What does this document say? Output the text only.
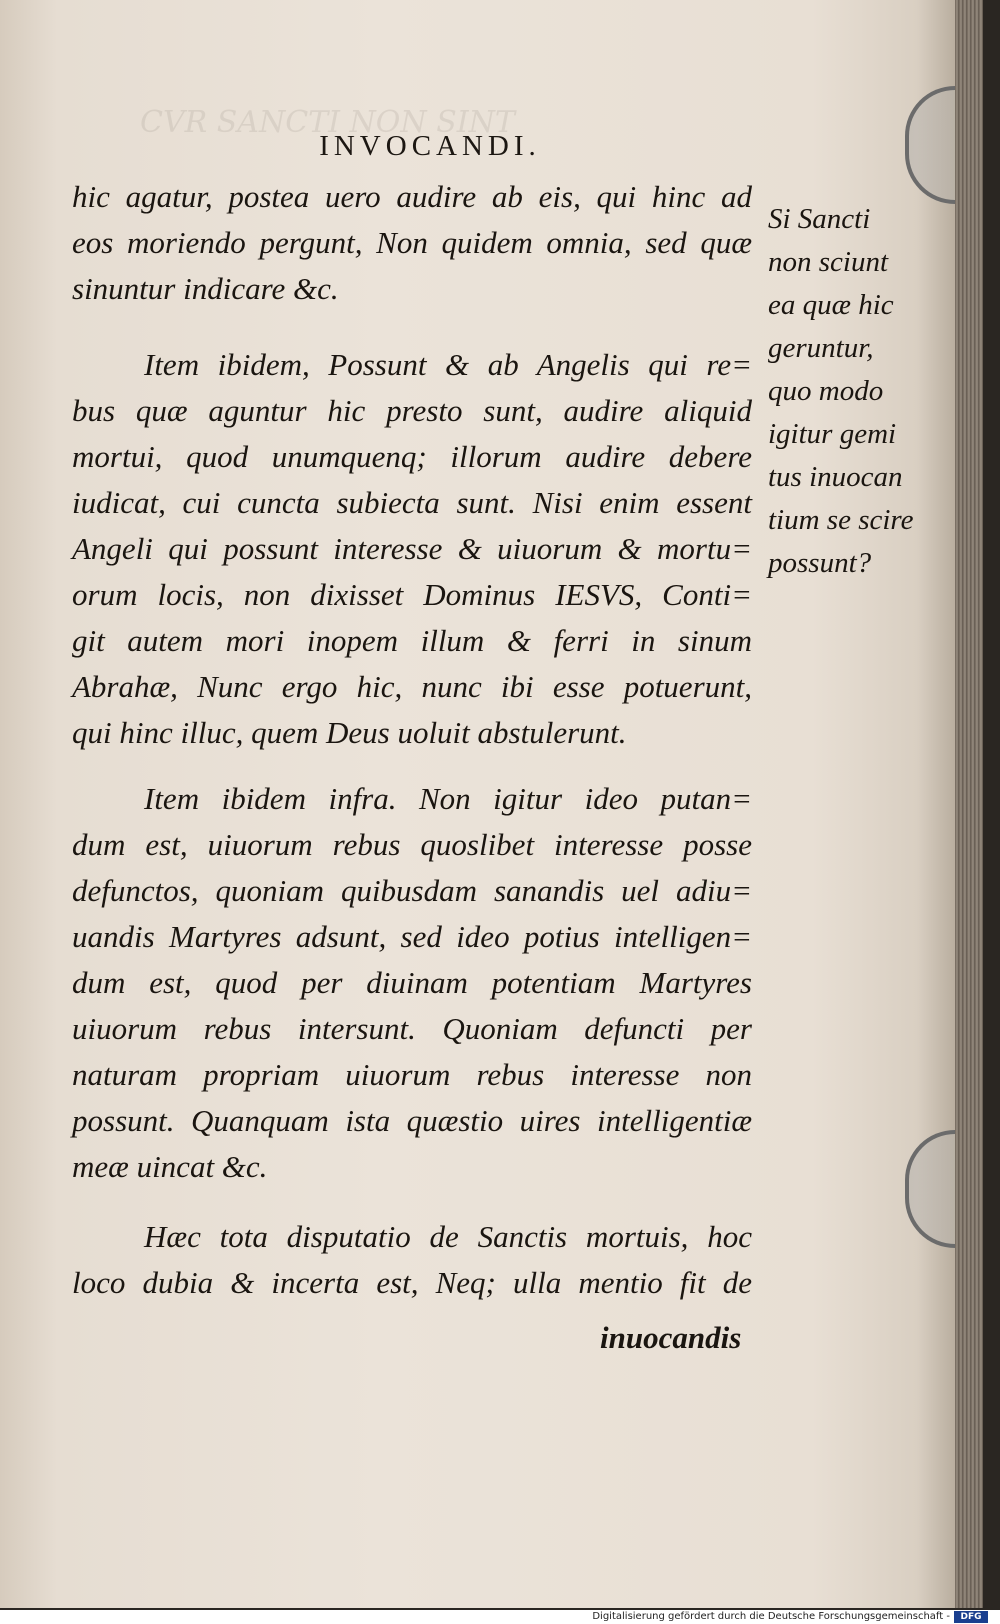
CVR SANCTI NON SINT
INVOCANDI.
hic agatur, postea uero audire ab eis, qui hinc ad
eos moriendo pergunt, Non quidem omnia, sed quæ
sinuntur indicare &c.
Item ibidem, Possunt & ab Angelis qui re=
bus quæ aguntur hic presto sunt, audire aliquid
mortui, quod unumquenq; illorum audire debere
iudicat, cui cuncta subiecta sunt. Nisi enim essent
Angeli qui possunt interesse & uiuorum & mortu=
orum locis, non dixisset Dominus IESVS, Conti=
git autem mori inopem illum & ferri in sinum
Abrahæ, Nunc ergo hic, nunc ibi esse potuerunt,
qui hinc illuc, quem Deus uoluit abstulerunt.
Item ibidem infra. Non igitur ideo putan=
dum est, uiuorum rebus quoslibet interesse posse
defunctos, quoniam quibusdam sanandis uel adiu=
uandis Martyres adsunt, sed ideo potius intelligen=
dum est, quod per diuinam potentiam Martyres
uiuorum rebus intersunt. Quoniam defuncti per
naturam propriam uiuorum rebus interesse non
possunt. Quanquam ista quæstio uires intelligentiæ
meæ uincat &c.
Hæc tota disputatio de Sanctis mortuis, hoc
loco dubia & incerta est, Neq; ulla mentio fit de
inuocandis
Si Sancti
non sciunt
ea quæ hic
geruntur,
quo modo
igitur gemi
tus inuocan
tium se scire
possunt?
Digitalisierung gefördert durch die Deutsche Forschungsgemeinschaft -	DFG
